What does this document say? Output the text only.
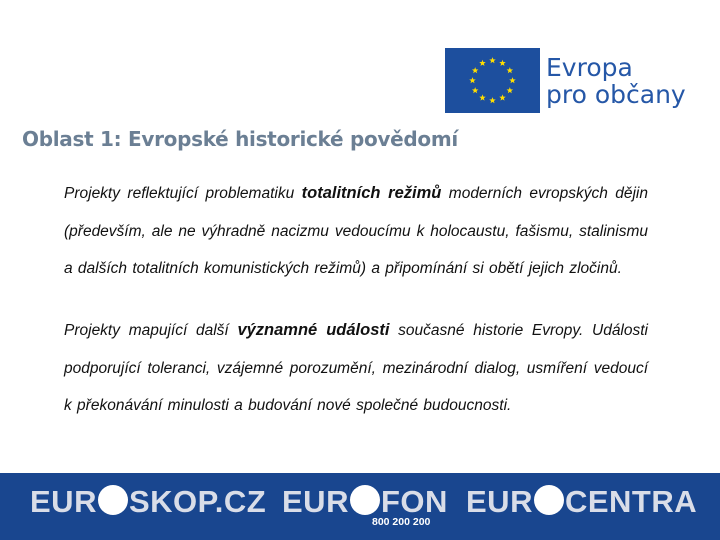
Evropa
pro občany
Oblast 1: Evropské historické povědomí

Projekty reflektující problematiku totalitních režimů moderních evropských dějin (především, ale ne výhradně nacizmu vedoucímu k holocaustu, fašismu, stalinismu a dalších totalitních komunistických režimů) a připomínání si obětí jejich zločinů.

Projekty mapující další významné události současné historie Evropy. Události podporující toleranci, vzájemné porozumění, mezinárodní dialog, usmíření vedoucí k překonávání minulosti a budování nové společné budoucnosti.

EUR SKOP.CZ EUR FON EUR CENTRA
800 200 200
